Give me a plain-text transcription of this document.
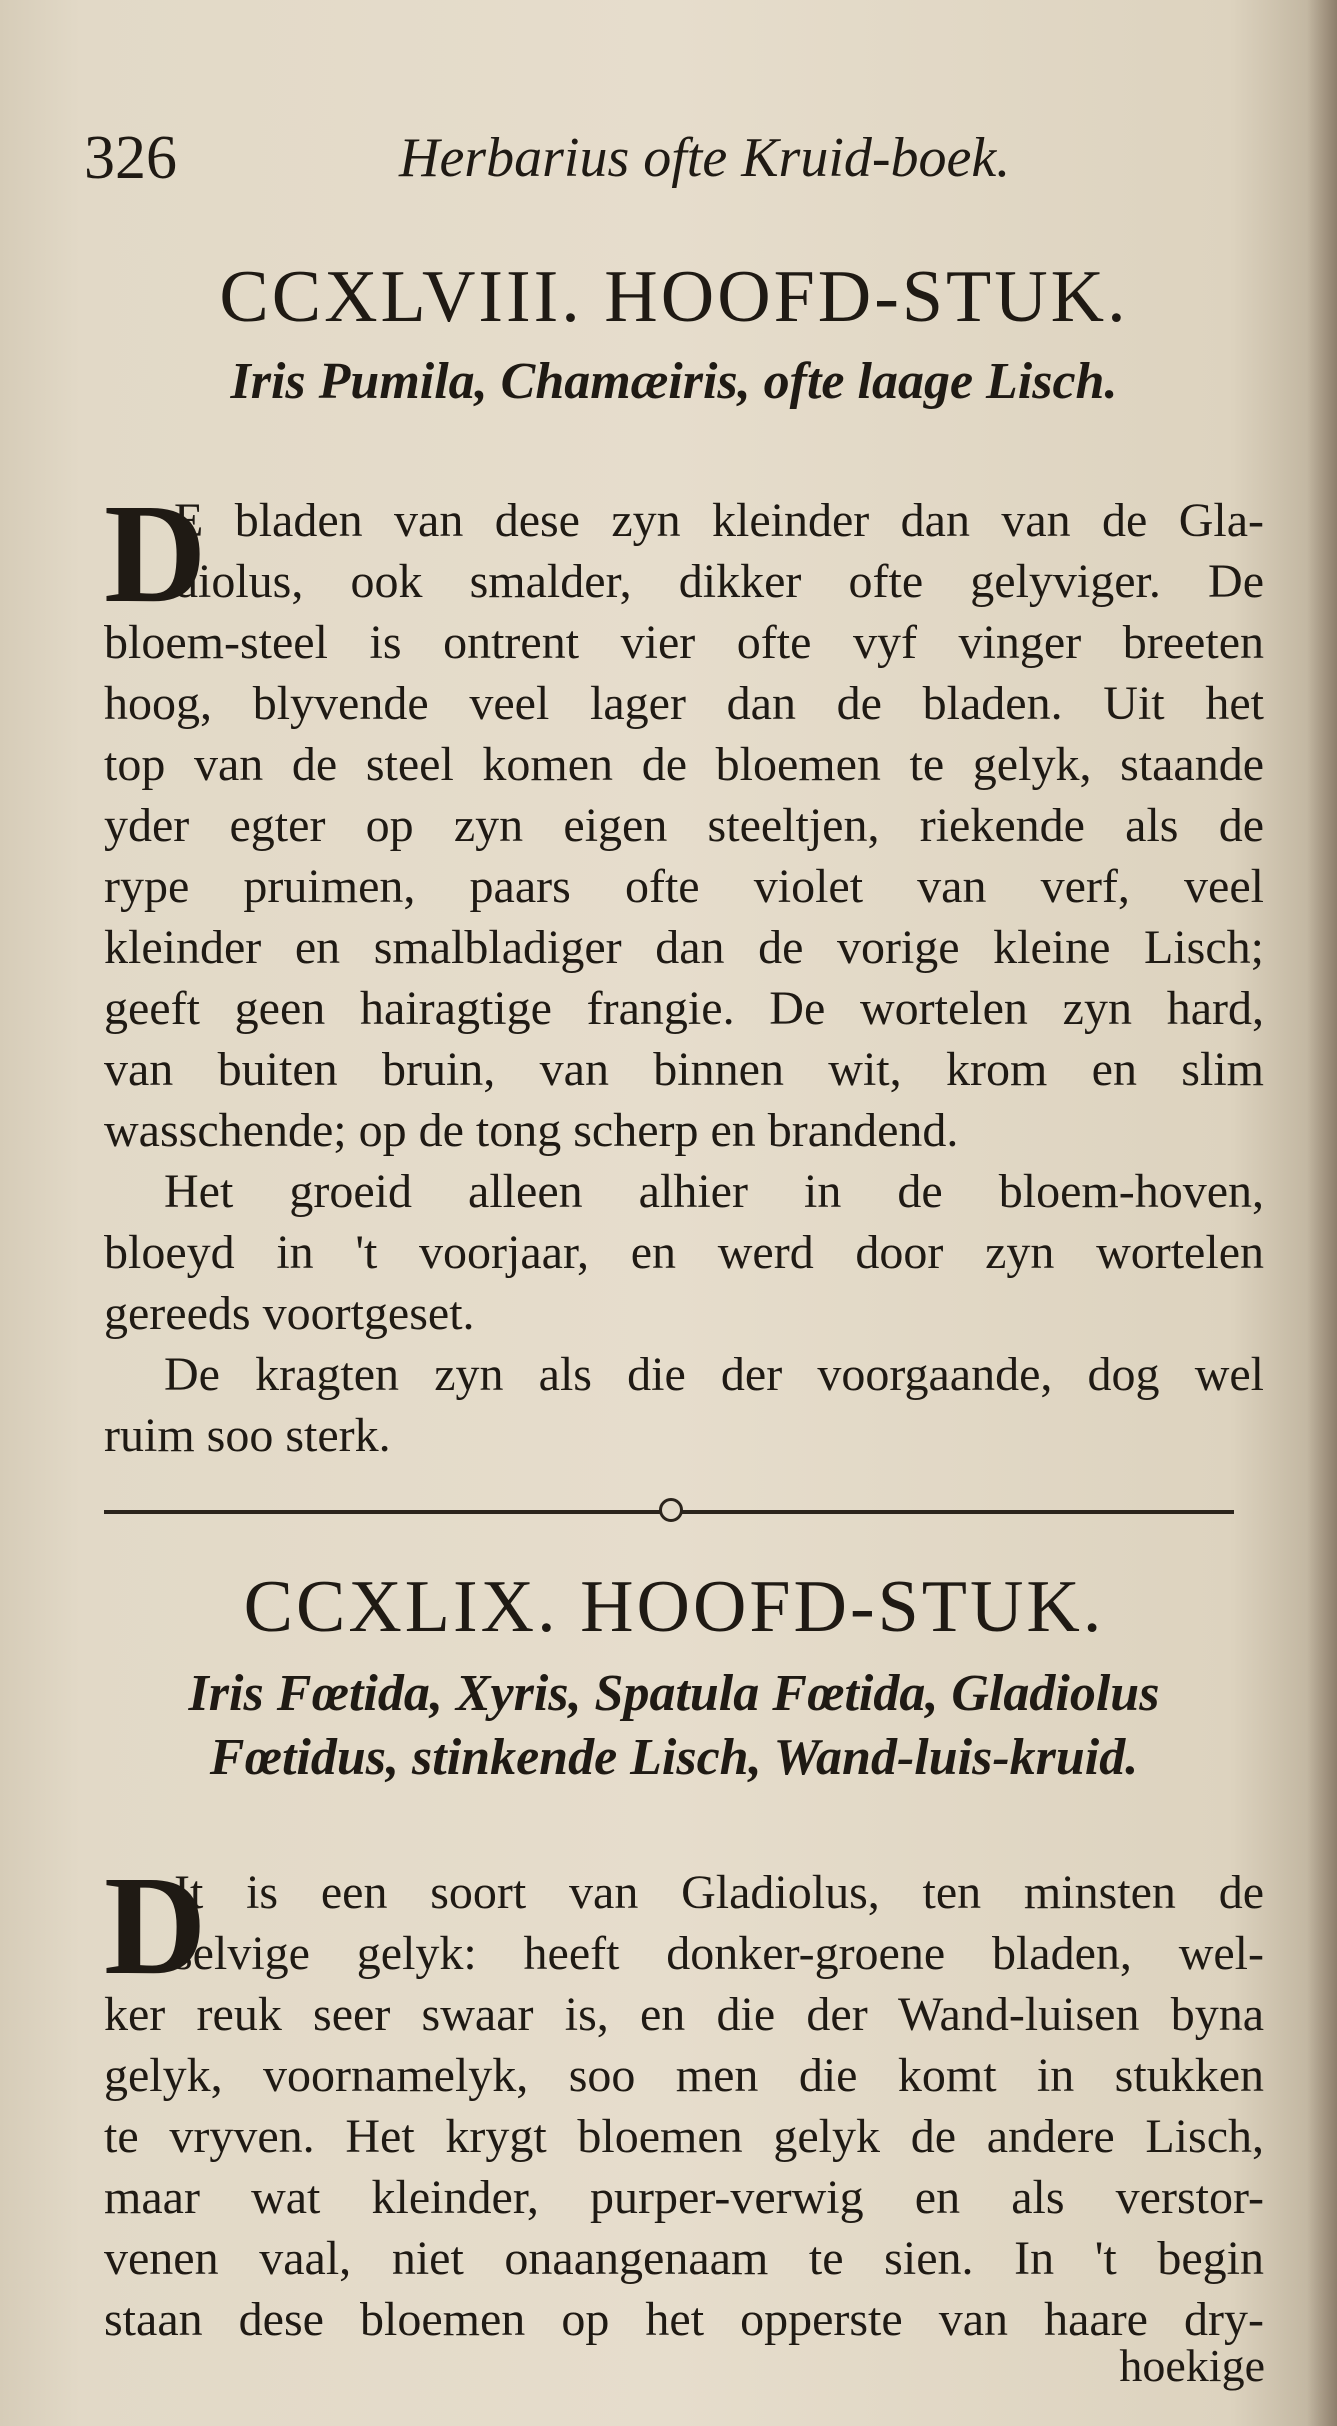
326	Herbarius ofte Kruid-boek.

CCXLVIII. HOOFD-STUK.

Iris Pumila, Chamæiris, ofte laage Lisch.

D
E bladen van dese zyn kleinder dan van de Gla-
diolus, ook smalder, dikker ofte gelyviger. De
bloem-steel is ontrent vier ofte vyf vinger breeten
hoog, blyvende veel lager dan de bladen. Uit het
top van de steel komen de bloemen te gelyk, staande
yder egter op zyn eigen steeltjen, riekende als de
rype pruimen, paars ofte violet van verf, veel
kleinder en smalbladiger dan de vorige kleine Lisch;
geeft geen hairagtige frangie. De wortelen zyn hard,
van buiten bruin, van binnen wit, krom en slim
wasschende; op de tong scherp en brandend.
Het groeid alleen alhier in de bloem-hoven,
bloeyd in 't voorjaar, en werd door zyn wortelen
gereeds voortgeset.
De kragten zyn als die der voorgaande, dog wel
ruim soo sterk.

CCXLIX. HOOFD-STUK.

Iris Fœtida, Xyris, Spatula Fœtida, Gladiolus

Fœtidus, stinkende Lisch, Wand-luis-kruid.

D
It is een soort van Gladiolus, ten minsten de
selvige gelyk: heeft donker-groene bladen, wel-
ker reuk seer swaar is, en die der Wand-luisen byna
gelyk, voornamelyk, soo men die komt in stukken
te vryven. Het krygt bloemen gelyk de andere Lisch,
maar wat kleinder, purper-verwig en als verstor-
venen vaal, niet onaangenaam te sien. In 't begin
staan dese bloemen op het opperste van haare dry-
hoekige
